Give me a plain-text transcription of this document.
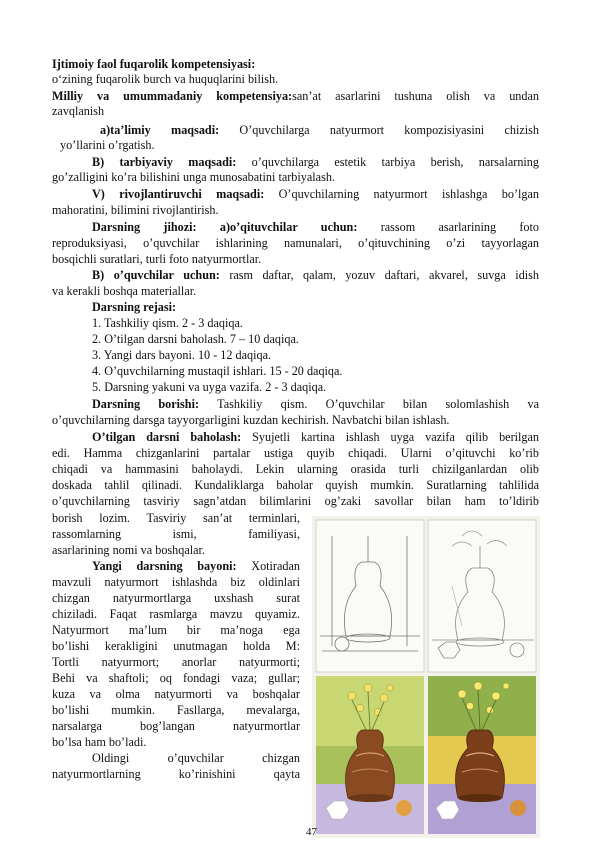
Ijtimoiy faol fuqarolik kompetensiyasi:
o‘zining fuqarolik burch va huquqlarini bilish.
Milliy va umummadaniy kompetensiya:san’at asarlarini tushuna olish va undan
zavqlanish
a)ta’limiy maqsadi: O’quvchilarga natyurmort kompozisiyasini chizish
yo’llarini o’rgatish.
B) tarbiyaviy maqsadi: o’quvchilarga estetik tarbiya berish, narsalarning
go’zalligini ko’ra bilishini unga munosabatini tarbiyalash.
V) rivojlantiruvchi maqsadi: O’quvchilarning natyurmort ishlashga bo’lgan
mahoratini, bilimini rivojlantirish.
Darsning jihozi: a)o’qituvchilar uchun: rassom asarlarining foto
reproduksiyasi, o’quvchilar ishlarining namunalari, o’qituvchining o’zi tayyorlagan
bosqichli suratlari, turli foto natyurmortlar.
B) o’quvchilar uchun: rasm daftar, qalam, yozuv daftari, akvarel, suvga idish
va kerakli boshqa materiallar.
Darsning rejasi:
1. Tashkiliy qism. 2 - 3 daqiqa.
2. O’tilgan darsni baholash. 7 – 10 daqiqa.
3. Yangi dars bayoni. 10 - 12 daqiqa.
4. O’quvchilarning mustaqil ishlari. 15 - 20 daqiqa.
5. Darsning yakuni va uyga vazifa. 2 - 3 daqiqa.
Darsning borishi: Tashkiliy qism. O’quvchilar bilan solomlashish va
o’quvchilarning darsga tayyorgarligini kuzdan kechirish. Navbatchi bilan ishlash.
O’tilgan darsni baholash: Syujetli kartina ishlash uyga vazifa qilib berilgan
edi. Hamma chizganlarini partalar ustiga quyib chiqadi. Ularni o’qituvchi ko’rib
chiqadi va hammasini baholaydi. Lekin ularning orasida turli chizilganlardan olib
doskada tahlil qilinadi. Kundaliklarga baholar quyish mumkin. Suratlarning tahlilida
o’quvchilarning tasviriy sagn’atdan bilimlarini og’zaki savollar bilan ham to’ldirib
borish lozim. Tasviriy san’at terminlari,
rassomlarning ismi, familiyasi,
asarlarining nomi va boshqalar.
Yangi darsning bayoni: Xotiradan
mavzuli natyurmort ishlashda biz oldinlari
chizgan natyurmortlarga uxshash surat
chiziladi. Faqat rasmlarga mavzu quyamiz.
Natyurmort ma’lum bir ma’noga ega
bo’lishi kerakligini unutmagan holda M:
Tortli natyurmort; anorlar natyurmorti;
Behi va shaftoli; oq fondagi vaza; gullar;
kuza va olma natyurmorti va boshqalar
bo’lishi mumkin. Fasllarga, mevalarga,
narsalarga bog’langan natyurmortlar
bo’lsa ham bo’ladi.
Oldingi o’quvchilar chizgan
natyurmortlarning ko’rinishini qayta
47
